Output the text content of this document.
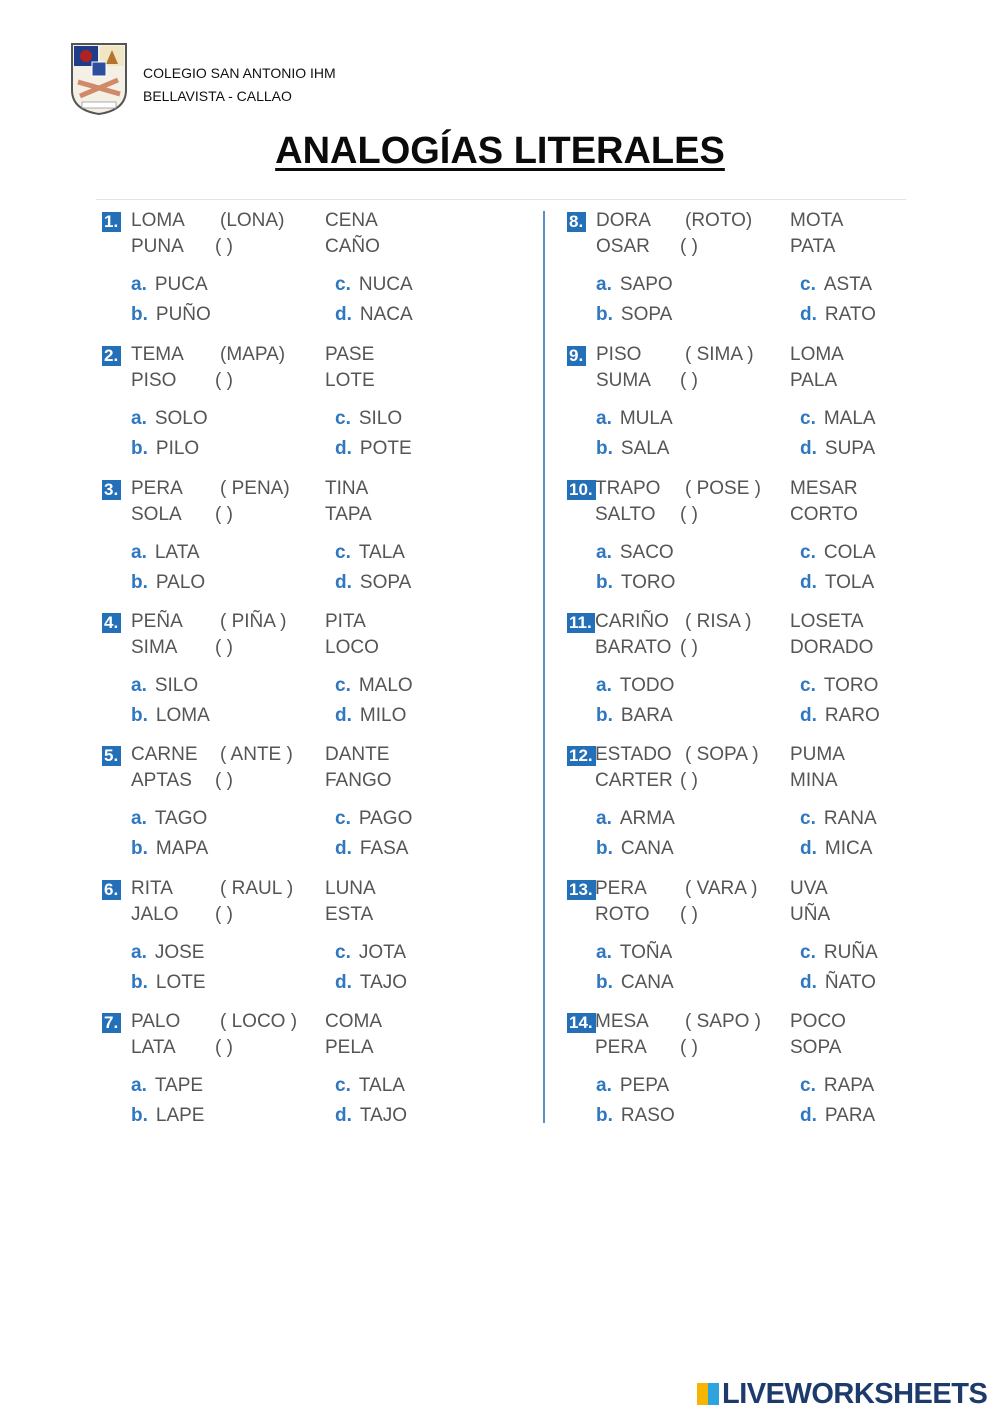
COLEGIO SAN ANTONIO IHM
BELLAVISTA - CALLAO
ANALOGÍAS LITERALES
1. LOMA (LONA) CENA
PUNA ( )	CAÑO
a. PUCA
b. PUÑO
c. NUCA
d. NACA
2. TEMA (MAPA) PASE
PISO ( )	LOTE
a. SOLO
b. PILO
c. SILO
d. POTE
3. PERA ( PENA) TINA
SOLA ( )	TAPA
a. LATA
b. PALO
c. TALA
d. SOPA
4. PEÑA ( PIÑA ) PITA
SIMA ( )	LOCO
a. SILO
b. LOMA
c. MALO
d. MILO
5. CARNE ( ANTE ) DANTE
APTAS ( )	FANGO
a. TAGO
b. MAPA
c. PAGO
d. FASA
6. RITA ( RAUL ) LUNA
JALO ( )	ESTA
a. JOSE
b. LOTE
c. JOTA
d. TAJO
7. PALO ( LOCO ) COMA
LATA ( )	PELA
a. TAPE
b. LAPE
c. TALA
d. TAJO
8. DORA (ROTO) MOTA
OSAR ( )	PATA
a. SAPO
b. SOPA
c. ASTA
d. RATO
9. PISO ( SIMA ) LOMA
SUMA ( )	PALA
a. MULA
b. SALA
c. MALA
d. SUPA
10. TRAPO ( POSE ) MESAR
SALTO ( )	CORTO
a. SACO
b. TORO
c. COLA
d. TOLA
11. CARIÑO ( RISA ) LOSETA
BARATO ( )	DORADO
a. TODO
b. BARA
c. TORO
d. RARO
12. ESTADO ( SOPA ) PUMA
CARTER ( )	MINA
a. ARMA
b. CANA
c. RANA
d. MICA
13. PERA ( VARA ) UVA
ROTO ( )	UÑA
a. TOÑA
b. CANA
c. RUÑA
d. ÑATO
14. MESA ( SAPO ) POCO
PERA ( )	SOPA
a. PEPA
b. RASO
c. RAPA
d. PARA
LIVEWORKSHEETS
